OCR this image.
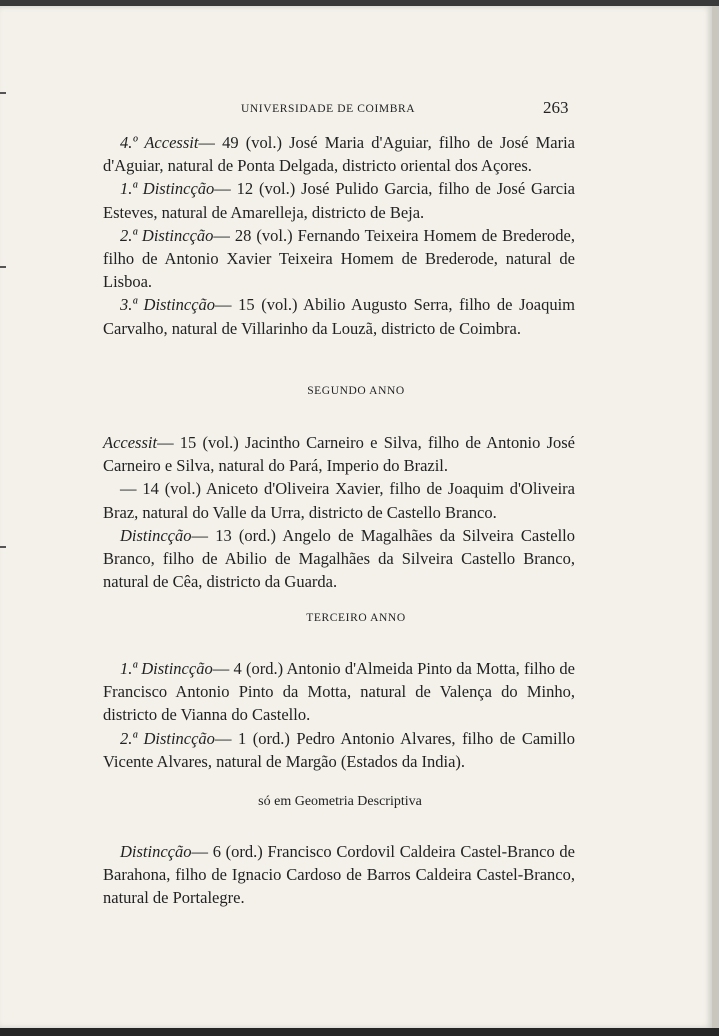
UNIVERSIDADE DE COIMBRA	263

4.º Accessit— 49 (vol.) José Maria d'Aguiar, filho de José Maria d'Aguiar, natural de Ponta Delgada, districto oriental dos Açores.

1.ª Distincção— 12 (vol.) José Pulido Garcia, filho de José Garcia Esteves, natural de Amarelleja, districto de Beja.

2.ª Distincção— 28 (vol.) Fernando Teixeira Homem de Brederode, filho de Antonio Xavier Teixeira Homem de Brederode, natural de Lisboa.

3.ª Distincção— 15 (vol.) Abilio Augusto Serra, filho de Joaquim Carvalho, natural de Villarinho da Louzã, districto de Coimbra.

SEGUNDO ANNO

Accessit— 15 (vol.) Jacintho Carneiro e Silva, filho de Antonio José Carneiro e Silva, natural do Pará, Imperio do Brazil.

— 14 (vol.) Aniceto d'Oliveira Xavier, filho de Joaquim d'Oliveira Braz, natural do Valle da Urra, districto de Castello Branco.

Distincção— 13 (ord.) Angelo de Magalhães da Silveira Castello Branco, filho de Abilio de Magalhães da Silveira Castello Branco, natural de Cêa, districto da Guarda.

TERCEIRO ANNO

1.ª Distincção— 4 (ord.) Antonio d'Almeida Pinto da Motta, filho de Francisco Antonio Pinto da Motta, natural de Valença do Minho, districto de Vianna do Castello.

2.ª Distincção— 1 (ord.) Pedro Antonio Alvares, filho de Camillo Vicente Alvares, natural de Margão (Estados da India).

só em Geometria Descriptiva

Distincção— 6 (ord.) Francisco Cordovil Caldeira Castel-Branco de Barahona, filho de Ignacio Cardoso de Barros Caldeira Castel-Branco, natural de Portalegre.
